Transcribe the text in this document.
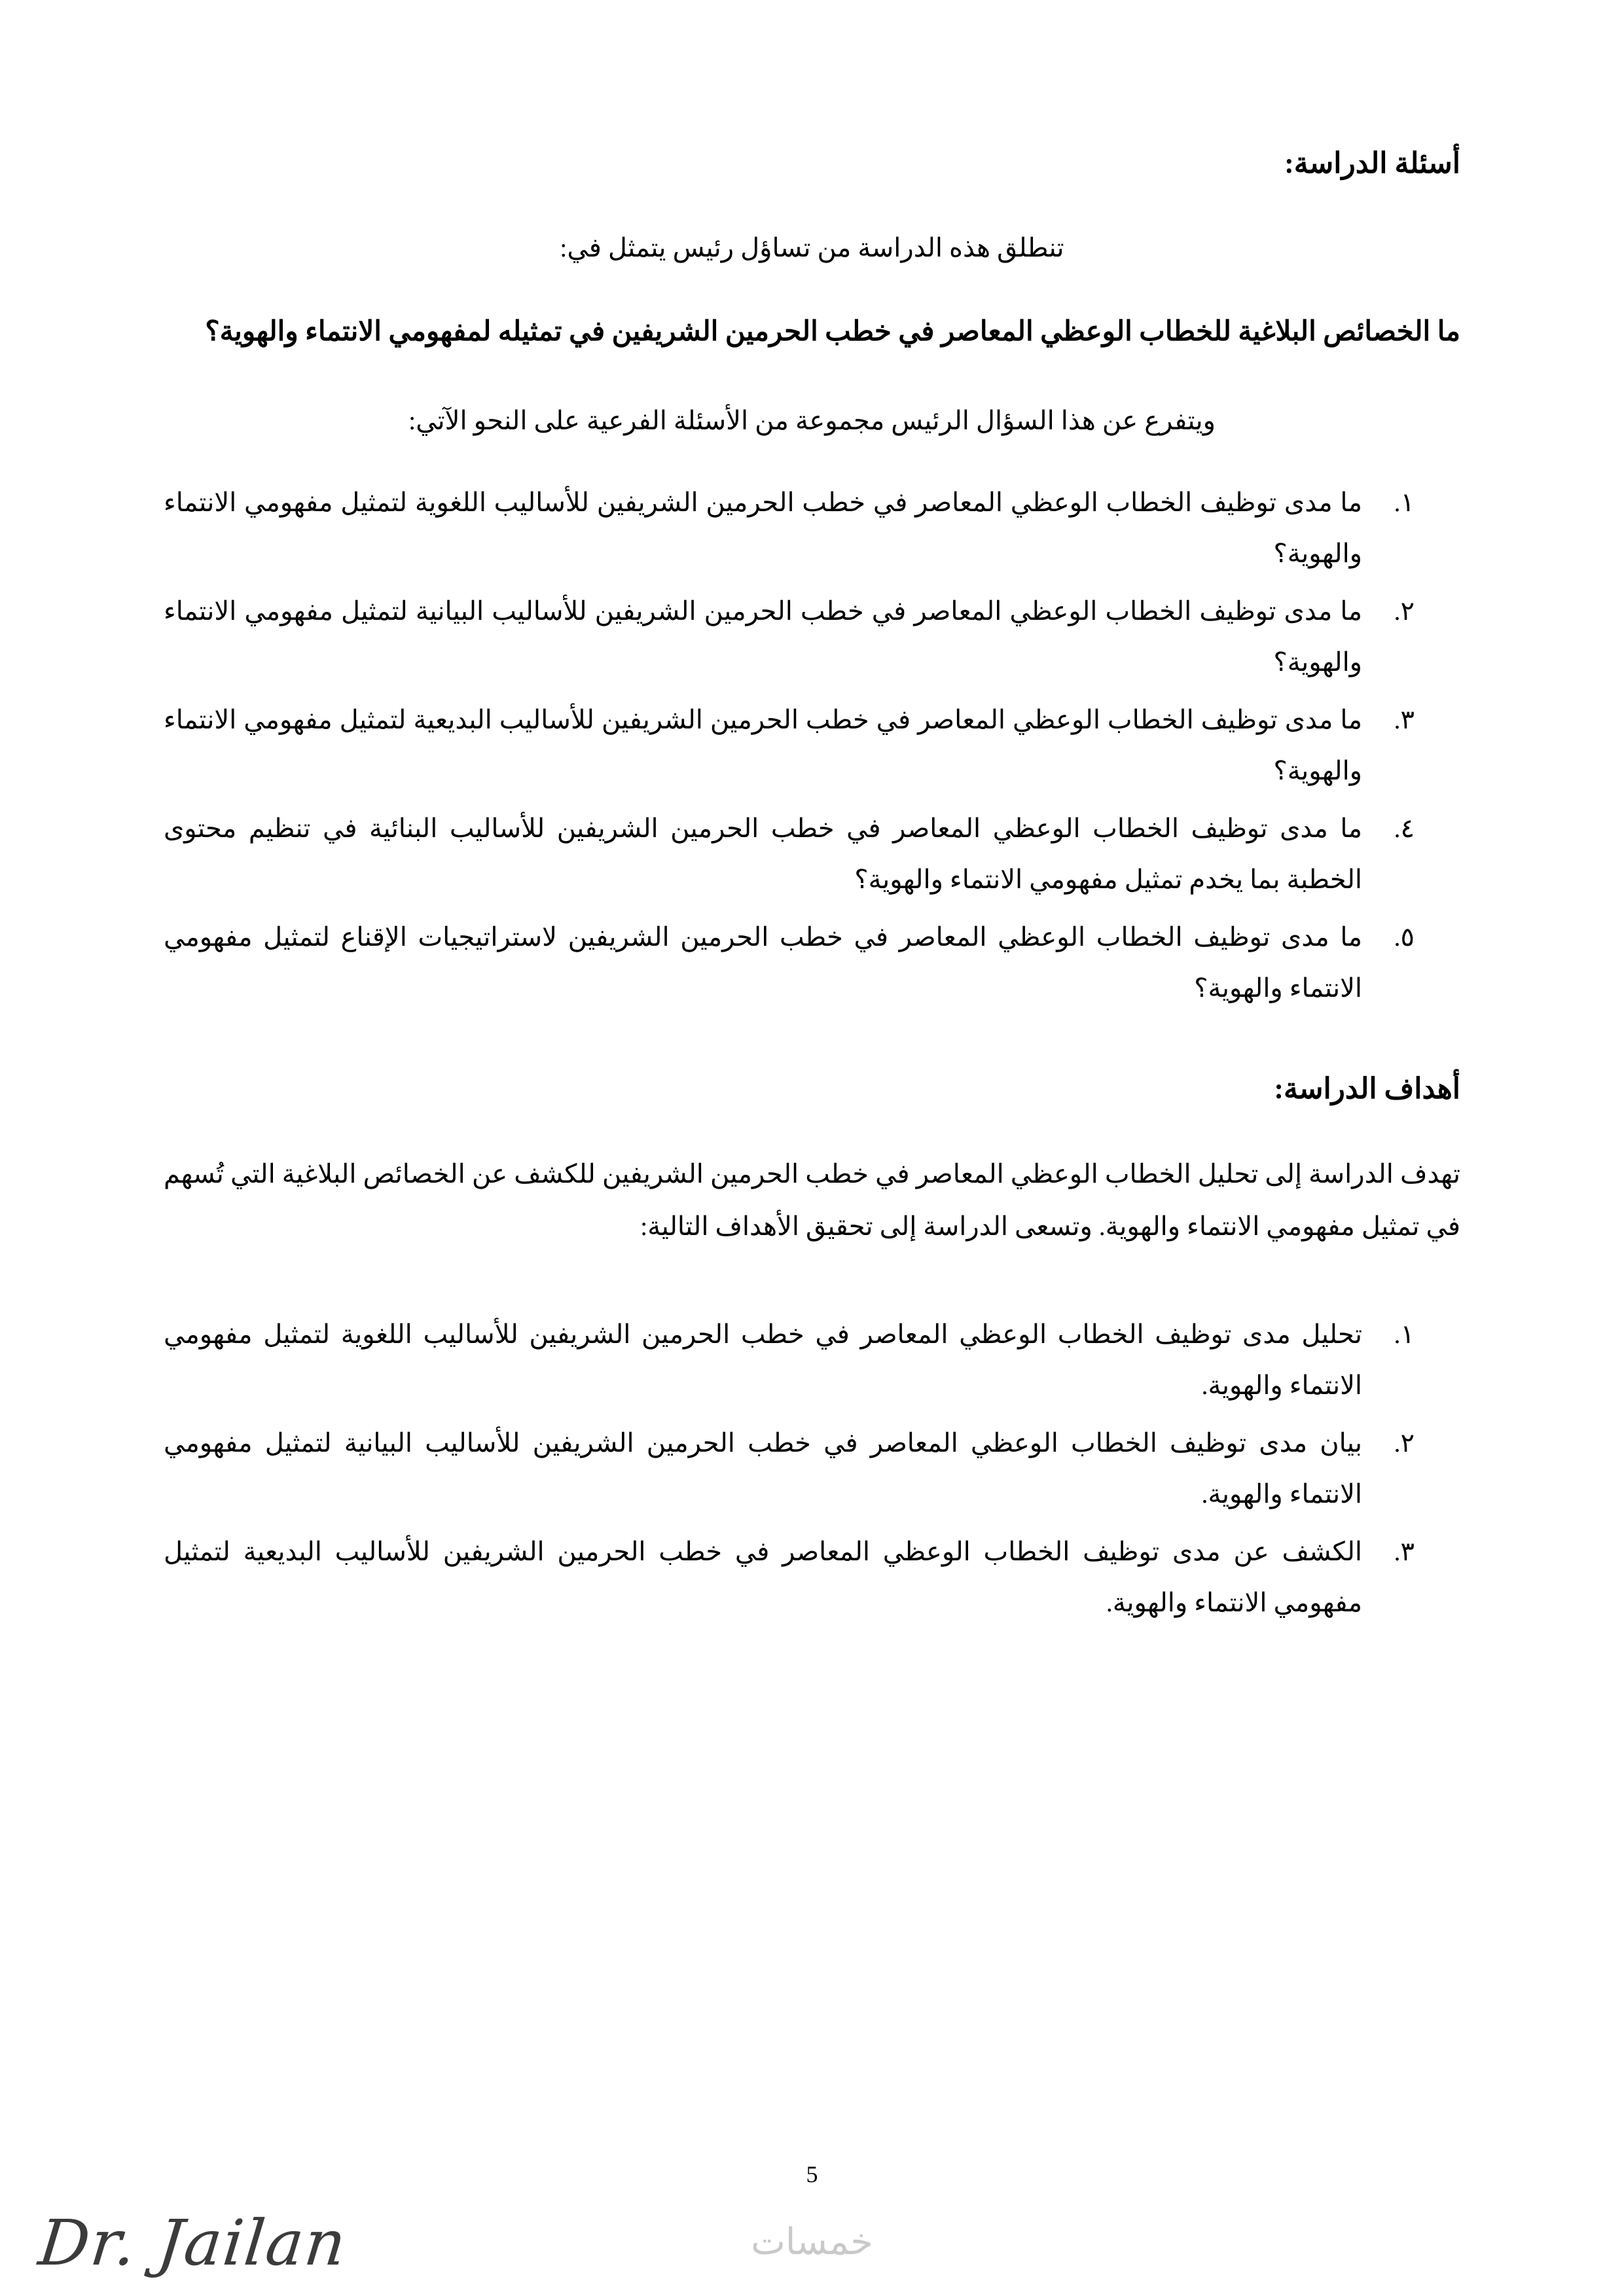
أسئلة الدراسة:

تنطلق هذه الدراسة من تساؤل رئيس يتمثل في:

ما الخصائص البلاغية للخطاب الوعظي المعاصر في خطب الحرمين الشريفين في تمثيله لمفهومي الانتماء والهوية؟

ويتفرع عن هذا السؤال الرئيس مجموعة من الأسئلة الفرعية على النحو الآتي:

١.
ما مدى توظيف الخطاب الوعظي المعاصر في خطب الحرمين الشريفين للأساليب اللغوية لتمثيل مفهومي الانتماء والهوية؟
٢.
ما مدى توظيف الخطاب الوعظي المعاصر في خطب الحرمين الشريفين للأساليب البيانية لتمثيل مفهومي الانتماء والهوية؟
٣.
ما مدى توظيف الخطاب الوعظي المعاصر في خطب الحرمين الشريفين للأساليب البديعية لتمثيل مفهومي الانتماء والهوية؟
٤.
ما مدى توظيف الخطاب الوعظي المعاصر في خطب الحرمين الشريفين للأساليب البنائية في تنظيم محتوى الخطبة بما يخدم تمثيل مفهومي الانتماء والهوية؟
٥.
ما مدى توظيف الخطاب الوعظي المعاصر في خطب الحرمين الشريفين لاستراتيجيات الإقناع لتمثيل مفهومي الانتماء والهوية؟
أهداف الدراسة:

تهدف الدراسة إلى تحليل الخطاب الوعظي المعاصر في خطب الحرمين الشريفين للكشف عن الخصائص البلاغية التي تُسهم في تمثيل مفهومي الانتماء والهوية. وتسعى الدراسة إلى تحقيق الأهداف التالية:

١.
تحليل مدى توظيف الخطاب الوعظي المعاصر في خطب الحرمين الشريفين للأساليب اللغوية لتمثيل مفهومي الانتماء والهوية.
٢.
بيان مدى توظيف الخطاب الوعظي المعاصر في خطب الحرمين الشريفين للأساليب البيانية لتمثيل مفهومي الانتماء والهوية.
٣.
الكشف عن مدى توظيف الخطاب الوعظي المعاصر في خطب الحرمين الشريفين للأساليب البديعية لتمثيل مفهومي الانتماء والهوية.
5
Dr. Jailan	خمسات
